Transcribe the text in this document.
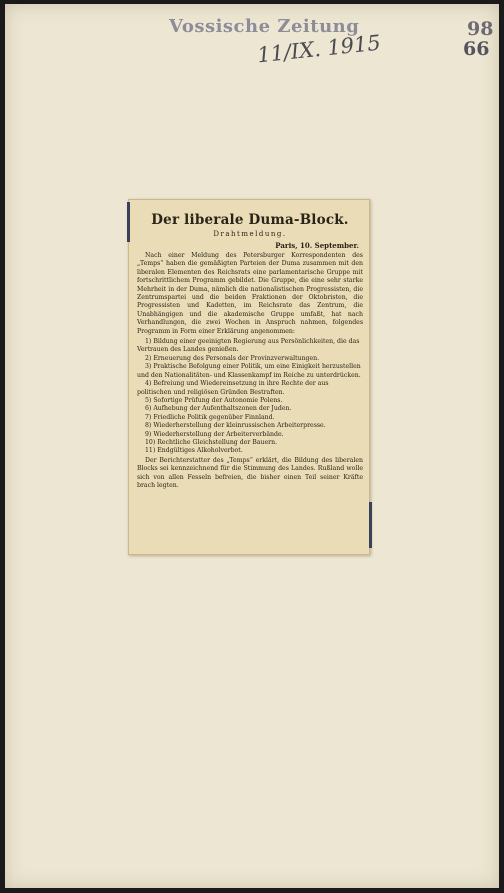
Vossische Zeitung
11/IX. 1915
98
66
Der liberale Duma-Block.
Drahtmeldung.
Paris, 10. September.

Nach einer Meldung des Petersburger Korrespondenten des „Temps“ haben die gemäßigten Parteien der Duma zusammen mit den liberalen Elementen des Reichsrats eine parlamentarische Gruppe mit fortschrittlichem Programm gebildet. Die Gruppe, die eine sehr starke Mehrheit in der Duma, nämlich die nationalistischen Progressisten, die Zentrumspartei und die beiden Fraktionen der Oktobristen, die Progressisten und Kadetten, im Reichsrate das Zentrum, die Unabhängigen und die akademische Gruppe umfaßt, hat nach Verhandlungen, die zwei Wochen in Anspruch nahmen, folgendes Programm in Form einer Erklärung angenommen:

1) Bildung einer geeinigten Regierung aus Persönlichkeiten, die das Vertrauen des Landes genießen.

2) Erneuerung des Personals der Provinzverwaltungen.

3) Praktische Befolgung einer Politik, um eine Einigkeit herzustellen und den Nationalitäten- und Klassenkampf im Reiche zu unterdrücken.

4) Befreiung und Wiedereinsetzung in ihre Rechte der aus politischen und religiösen Gründen Bestraften.

5) Sofortige Prüfung der Autonomie Polens.

6) Aufhebung der Aufenthaltszonen der Juden.

7) Friedliche Politik gegenüber Finnland.

8) Wiederherstellung der kleinrussischen Arbeiterpresse.

9) Wiederherstellung der Arbeiterverbände.

10) Rechtliche Gleichstellung der Bauern.

11) Endgültiges Alkoholverbot.

Der Berichterstatter des „Temps“ erklärt, die Bildung des liberalen Blocks sei kennzeichnend für die Stimmung des Landes. Rußland wolle sich von allen Fesseln befreien, die bisher einen Teil seiner Kräfte brach legten.
